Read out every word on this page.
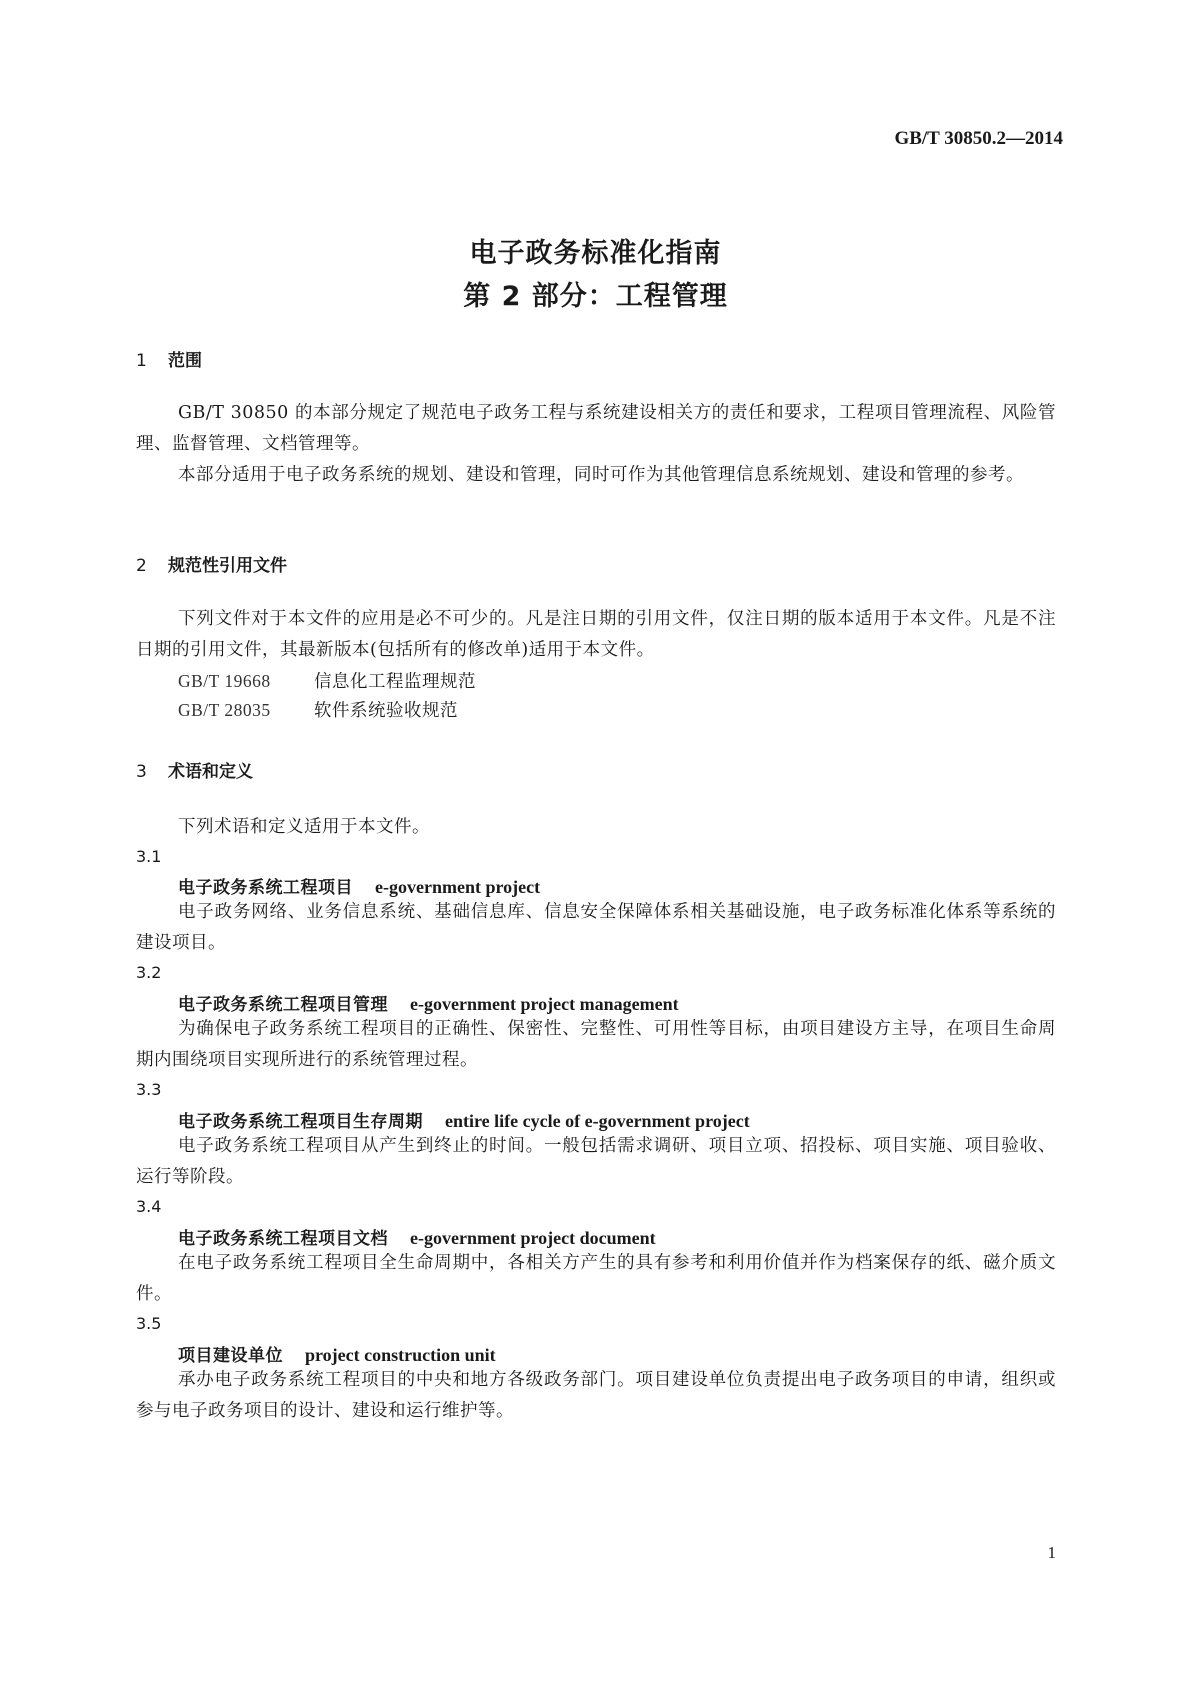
GB/T 30850.2—2014
电子政务标准化指南
第 2 部分：工程管理
1 范围
GB/T 30850 的本部分规定了规范电子政务工程与系统建设相关方的责任和要求，工程项目管理流程、风险管理、监督管理、文档管理等。
本部分适用于电子政务系统的规划、建设和管理，同时可作为其他管理信息系统规划、建设和管理的参考。
2 规范性引用文件
下列文件对于本文件的应用是必不可少的。凡是注日期的引用文件，仅注日期的版本适用于本文件。凡是不注日期的引用文件，其最新版本(包括所有的修改单)适用于本文件。
GB/T 19668 信息化工程监理规范
GB/T 28035 软件系统验收规范
3 术语和定义
下列术语和定义适用于本文件。
3.1
电子政务系统工程项目 e-government project
电子政务网络、业务信息系统、基础信息库、信息安全保障体系相关基础设施，电子政务标准化体系等系统的建设项目。
3.2
电子政务系统工程项目管理 e-government project management
为确保电子政务系统工程项目的正确性、保密性、完整性、可用性等目标，由项目建设方主导，在项目生命周期内围绕项目实现所进行的系统管理过程。
3.3
电子政务系统工程项目生存周期 entire life cycle of e-government project
电子政务系统工程项目从产生到终止的时间。一般包括需求调研、项目立项、招投标、项目实施、项目验收、运行等阶段。
3.4
电子政务系统工程项目文档 e-government project document
在电子政务系统工程项目全生命周期中，各相关方产生的具有参考和利用价值并作为档案保存的纸、磁介质文件。
3.5
项目建设单位 project construction unit
承办电子政务系统工程项目的中央和地方各级政务部门。项目建设单位负责提出电子政务项目的申请，组织或参与电子政务项目的设计、建设和运行维护等。
1
